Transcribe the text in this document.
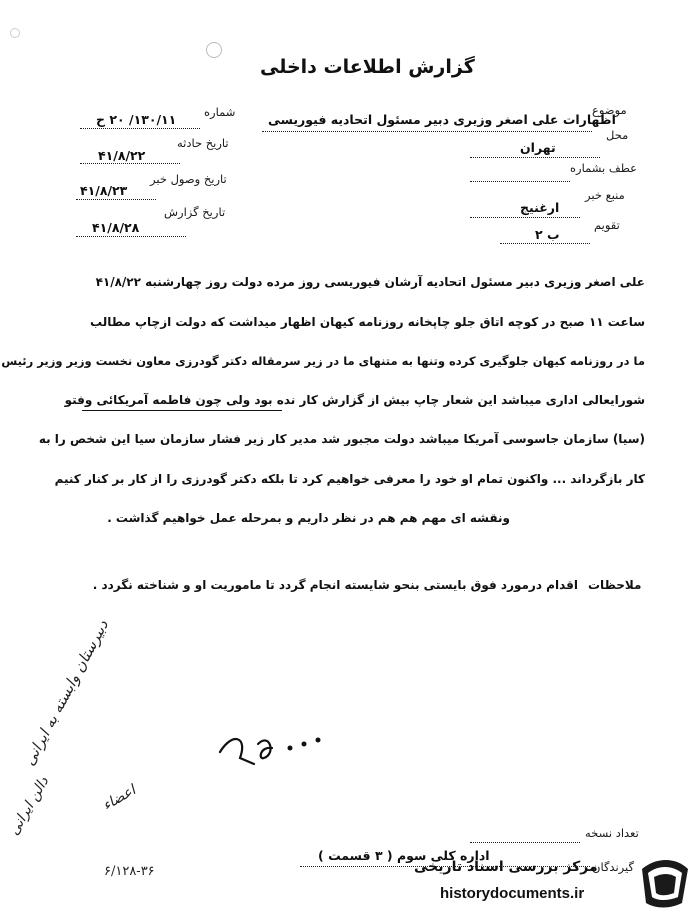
گزارش اطلاعات داخلی
موضوع
اظهارات علی اصغر وزیری دبیر مسئول اتحادیه فیوریسی
محل
تهران
عطف بشماره
منبع خبر
ارغنیج
تقویم
ب ۲
شماره
۱۳۰/۱۱/ ۲۰ ح
تاریخ حادثه
۴۱/۸/۲۲
تاریخ وصول خبر
۴۱/۸/۲۳
تاریخ گزارش
۴۱/۸/۲۸
علی اصغر وزیری دبیر مسئول اتحادیه آرشان فیوریسی روز مرده دولت روز چهارشنبه ۴۱/۸/۲۲
ساعت ۱۱ صبح در کوچه اتاق جلو چاپخانه روزنامه کیهان اظهار میداشت که دولت ازچاپ مطالب
ما در روزنامه کیهان جلوگیری کرده وتنها به متنهای ما در زیر سرمقاله دکتر گودرزی معاون نخست وزیر وزیر رئیس
شورایعالی اداری میباشد این شعار چاپ بیش از گزارش کار نده بود ولی چون فاطمه آمریکائی وفتو
(سیا) سازمان جاسوسی آمریکا میباشد دولت مجبور شد مدیر کار زیر فشار سازمان سیا این شخص را به
کار بازگرداند ... واکنون تمام او خود را معرفی خواهیم کرد تا بلکه دکتر گودرزی را از کار بر کنار کنیم
ونقشه ای مهم هم هم در نظر داریم و بمرحله عمل خواهیم گذاشت .
ملاحظات
اقدام درمورد فوق بایستی بنحو شایسته انجام گردد تا ماموریت او و شناخته نگردد .
۲۸۰۰
دبیرستان وابسته به ایرانی
دالن ایرانی	اعضاء
تعداد نسخه
گیرندگان
اداره کلی سوم ( ۳ قسمت )
۶/۱۲۸-۳۶	مرکز بررسی اسناد تاریخی
historydocuments.ir
